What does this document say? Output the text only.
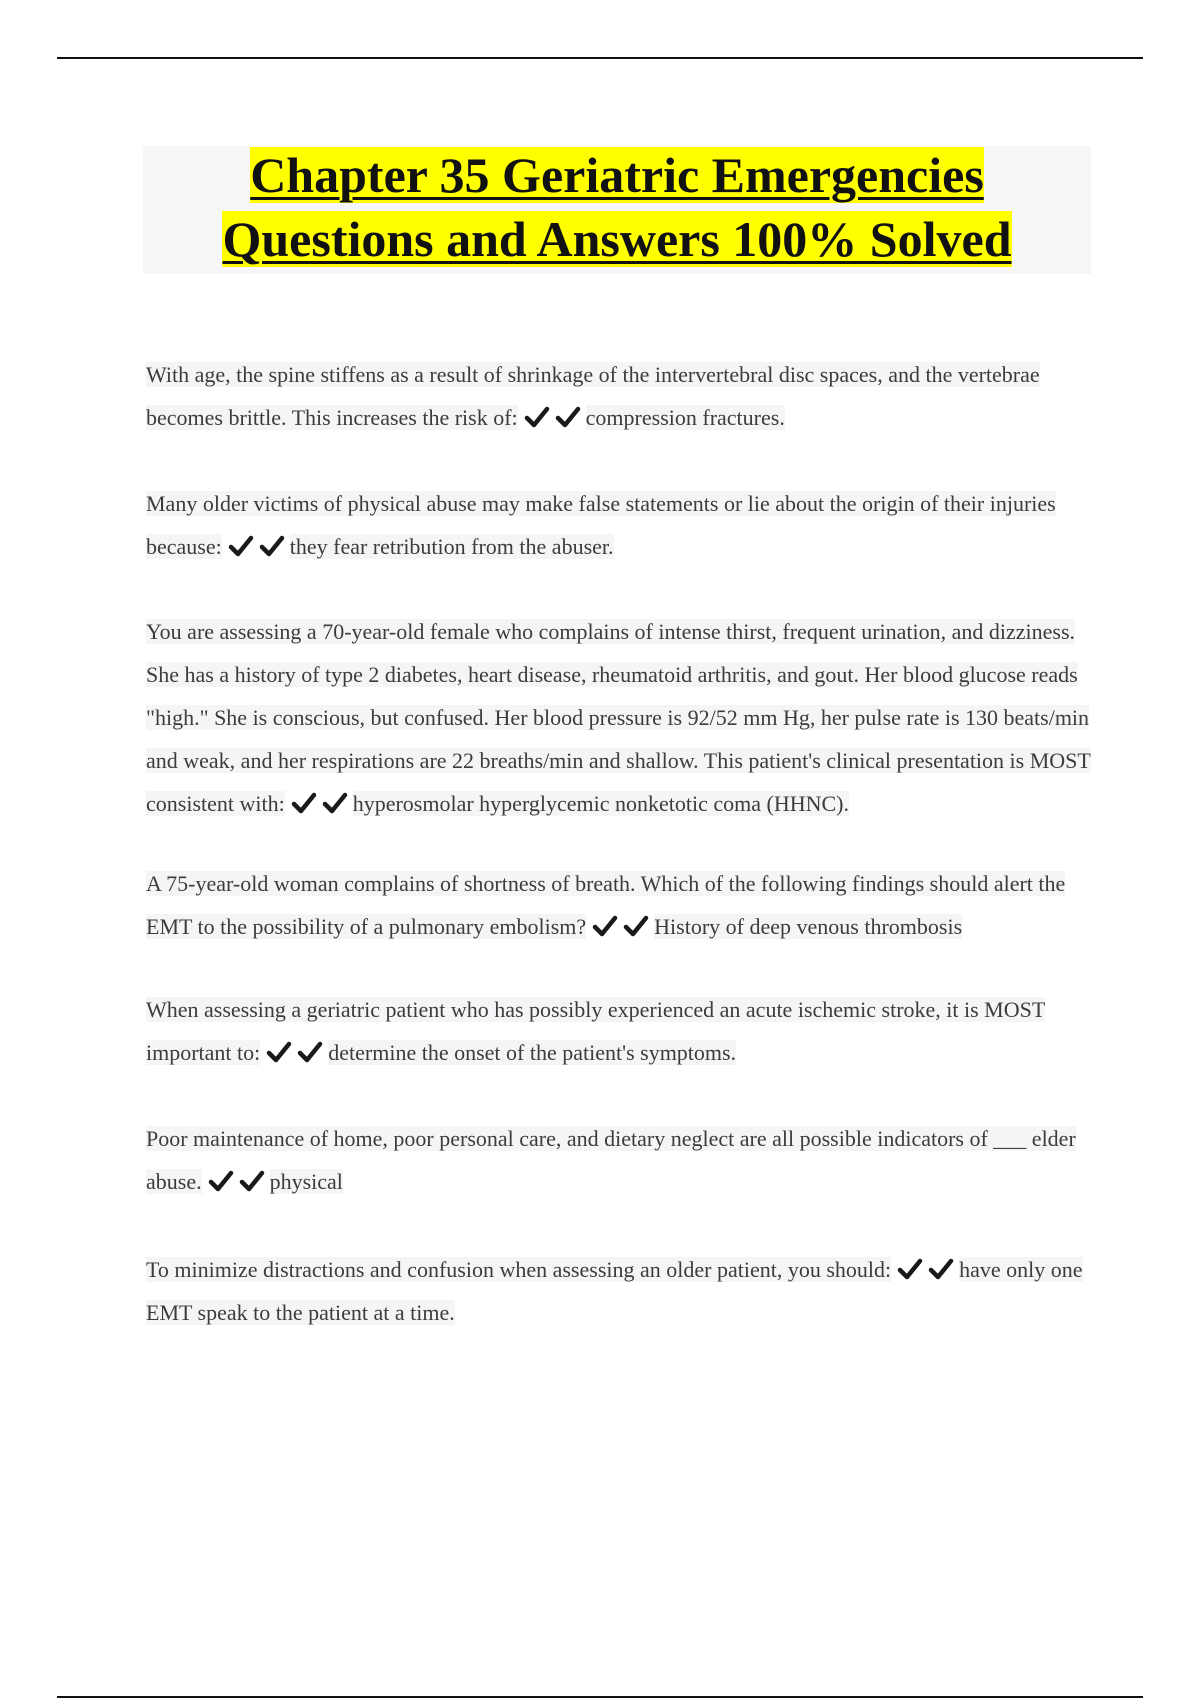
Chapter 35 Geriatric Emergencies
Questions and Answers 100% Solved

With age, the spine stiffens as a result of shrinkage of the intervertebral disc spaces, and the vertebrae becomes brittle. This increases the risk of:	compression fractures.

Many older victims of physical abuse may make false statements or lie about the origin of their injuries because:	they fear retribution from the abuser.

You are assessing a 70-year-old female who complains of intense thirst, frequent urination, and dizziness. She has a history of type 2 diabetes, heart disease, rheumatoid arthritis, and gout. Her blood glucose reads "high." She is conscious, but confused. Her blood pressure is 92/52 mm Hg, her pulse rate is 130 beats/min and weak, and her respirations are 22 breaths/min and shallow. This patient's clinical presentation is MOST consistent with:	hyperosmolar hyperglycemic nonketotic coma (HHNC).

A 75-year-old woman complains of shortness of breath. Which of the following findings should alert the EMT to the possibility of a pulmonary embolism?	History of deep venous thrombosis

When assessing a geriatric patient who has possibly experienced an acute ischemic stroke, it is MOST important to:	determine the onset of the patient's symptoms.

Poor maintenance of home, poor personal care, and dietary neglect are all possible indicators of ___ elder abuse.	physical

To minimize distractions and confusion when assessing an older patient, you should:	have only one EMT speak to the patient at a time.
